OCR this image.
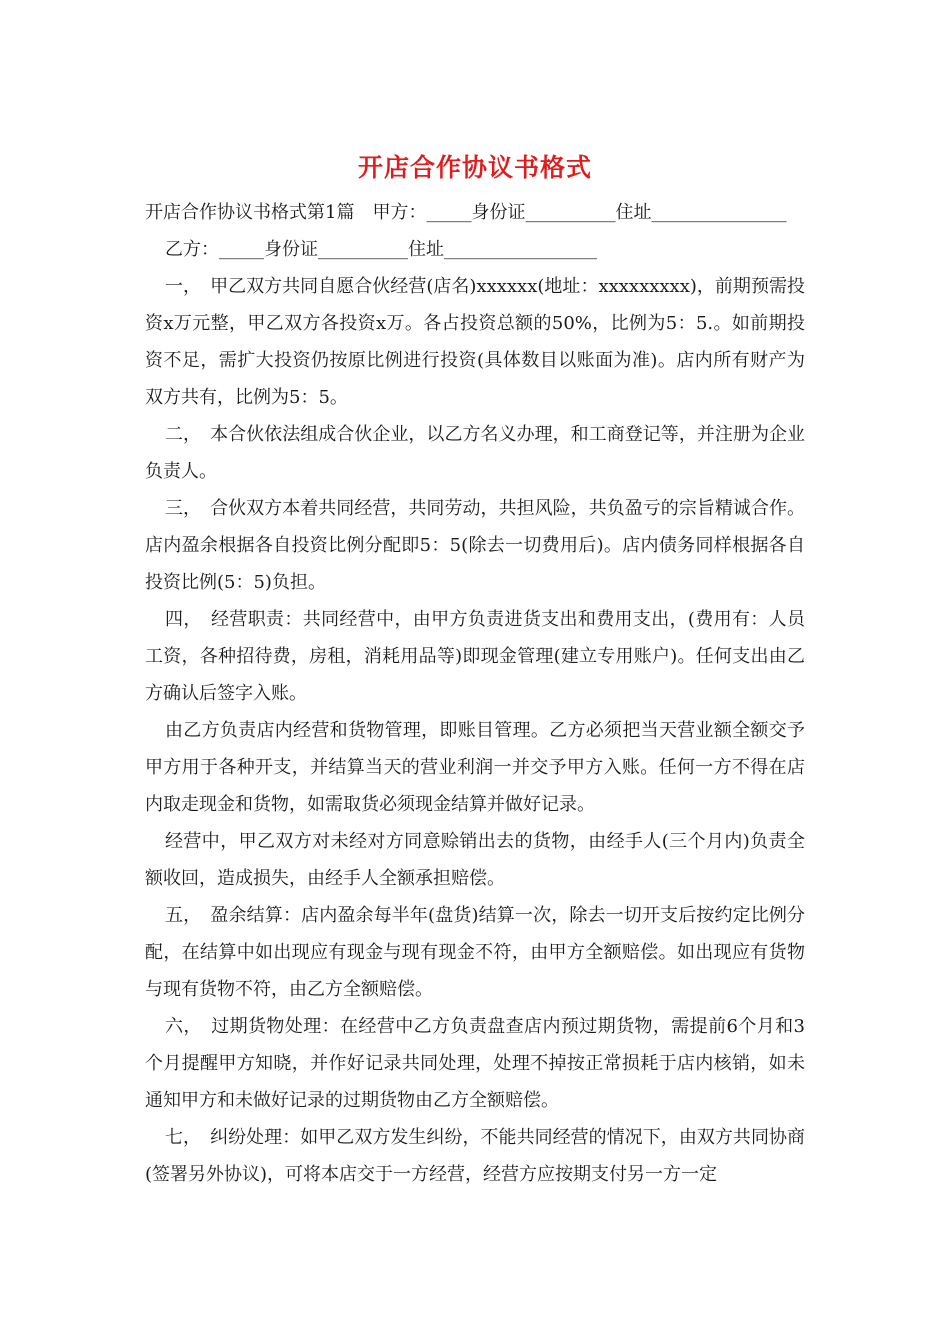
开店合作协议书格式

开店合作协议书格式第1篇　甲方：_____身份证__________住址_______________

乙方：_____身份证__________住址_________________

一，　甲乙双方共同自愿合伙经营(店名)xxxxxx(地址：xxxxxxxxx)，前期预需投资x万元整，甲乙双方各投资x万。各占投资总额的50%，比例为5：5.。如前期投资不足，需扩大投资仍按原比例进行投资(具体数目以账面为准)。店内所有财产为双方共有，比例为5：5。

二，　本合伙依法组成合伙企业，以乙方名义办理，和工商登记等，并注册为企业负责人。

三，　合伙双方本着共同经营，共同劳动，共担风险，共负盈亏的宗旨精诚合作。店内盈余根据各自投资比例分配即5：5(除去一切费用后)。店内债务同样根据各自投资比例(5：5)负担。

四，　经营职责：共同经营中，由甲方负责进货支出和费用支出，(费用有：人员工资，各种招待费，房租，消耗用品等)即现金管理(建立专用账户)。任何支出由乙方确认后签字入账。

由乙方负责店内经营和货物管理，即账目管理。乙方必须把当天营业额全额交予甲方用于各种开支，并结算当天的营业利润一并交予甲方入账。任何一方不得在店内取走现金和货物，如需取货必须现金结算并做好记录。

经营中，甲乙双方对未经对方同意赊销出去的货物，由经手人(三个月内)负责全额收回，造成损失，由经手人全额承担赔偿。

五，　盈余结算：店内盈余每半年(盘货)结算一次，除去一切开支后按约定比例分配，在结算中如出现应有现金与现有现金不符，由甲方全额赔偿。如出现应有货物与现有货物不符，由乙方全额赔偿。

六，　过期货物处理：在经营中乙方负责盘查店内预过期货物，需提前6个月和3个月提醒甲方知晓，并作好记录共同处理，处理不掉按正常损耗于店内核销，如未通知甲方和未做好记录的过期货物由乙方全额赔偿。

七，　纠纷处理：如甲乙双方发生纠纷，不能共同经营的情况下，由双方共同协商(签署另外协议)，可将本店交于一方经营，经营方应按期支付另一方一定
